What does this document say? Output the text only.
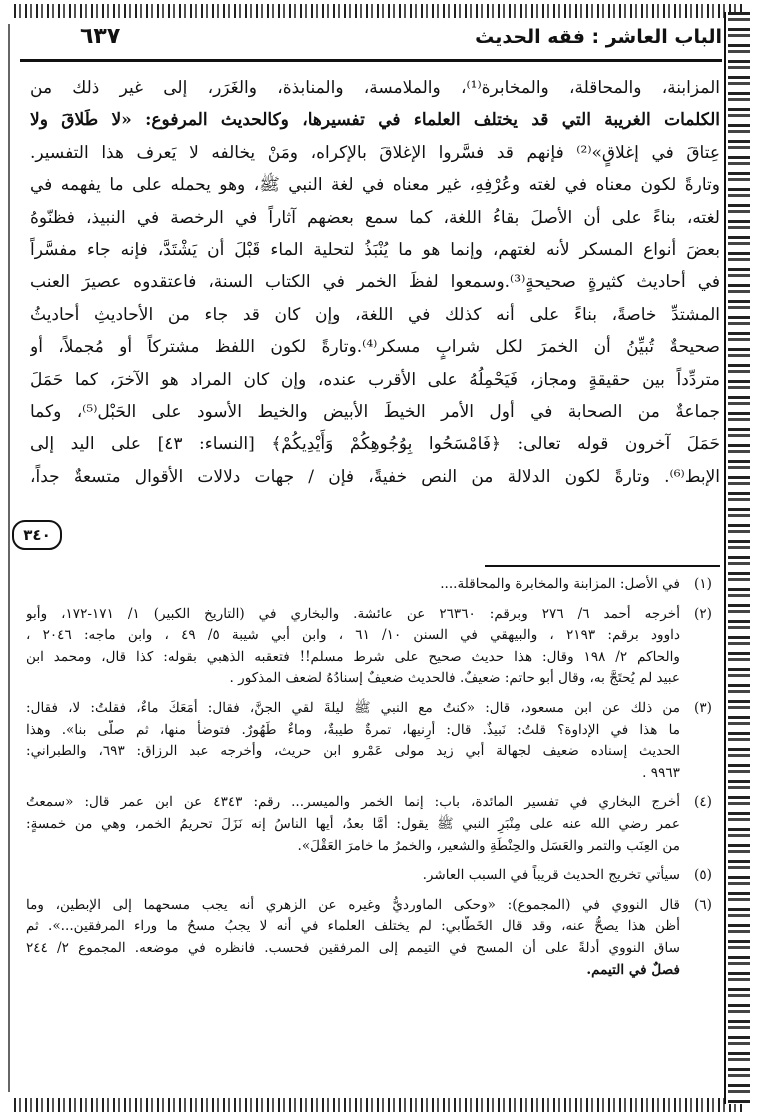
الباب العاشر : فقه الحديث
٦٣٧
المزابنة، والمحاقلة، والمخابرة⁽¹⁾، والملامسة، والمنابذة، والغَرَر، إلى غير ذلك من
الكلمات الغريبة التي قد يختلف العلماء في تفسيرها، وكالحديث المرفوع: «لا طَلاقَ ولا
عِتاقَ في إغلاقٍ»⁽²⁾ فإنهم قد فسَّروا الإغلاقَ بالإكراه، ومَنْ يخالفه لا يَعرف هذا التفسير.
وتارةً لكون معناه في لغته وعُرْفِهِ، غير معناه في لغة النبي ﷺ، وهو يحمله على ما يفهمه في
لغته، بناءً على أن الأصلَ بقاءُ اللغة، كما سمع بعضهم آثاراً في الرخصة في النبيذ، فظنّوهُ
بعضَ أنواع المسكر لأنه لغتهم، وإنما هو ما يُنْبَذُ لتحلية الماء قَبْلَ أن يَشْتَدَّ، فإنه جاء مفسَّراً
في أحاديث كثيرةٍ صحيحةٍ⁽³⁾.وسمعوا لفظَ الخمر في الكتاب السنة، فاعتقدوه عصيرَ العنب
المشتدِّ خاصةً، بناءً على أنه كذلك في اللغة، وإن كان قد جاء من الأحاديثِ أحاديثُ
صحيحةٌ تُبيِّنُ أن الخمرَ لكل شرابٍ مسكر⁽⁴⁾.وتارةً لكون اللفظ مشتركاً أو مُجملاً، أو
متردِّداً بين حقيقةٍ ومجاز، فَيَحْمِلُهُ على الأقرب عنده، وإن كان المراد هو الآخرَ، كما حَمَلَ
جماعةٌ من الصحابة في أول الأمر الخيطَ الأبيض والخيط الأسود على الحَبْل⁽⁵⁾، وكما
حَمَلَ آخرون قوله تعالى: ﴿فَامْسَحُوا بِوُجُوهِكُمْ وَأَيْدِيكُمْ﴾ [النساء: ٤٣] على اليد إلى
الإبط⁽⁶⁾. وتارةً لكون الدلالة من النص خفيةً، فإن / جهات دلالات الأقوال متسعةٌ جداً،
٣٤٠
(١)
في الأصل: المزابنة والمخابرة والمحاقلة....
(٢)
أخرجه أحمد ٦/ ٢٧٦ وبرقم: ٢٦٣٦٠ عن عائشة. والبخاري في (التاريخ الكبير) ١/ ١٧١-١٧٢، وأبو
داوود برقم: ٢١٩٣ ، والبيهقي في السنن ١٠/ ٦١ ، وابن أبي شيبة ٥/ ٤٩ ، وابن ماجه: ٢٠٤٦ ،
والحاكم ٢/ ١٩٨ وقال: هذا حديث صحيح على شرط مسلم!! فتعقبه الذهبي بقوله: كذا قال، ومحمد ابن
عبيد لم يُحتَجَّ به، وقال أبو حاتم: ضعيفٌ. فالحديث ضعيفٌ إسنادُهُ لضعف المذكور .
(٣)
من ذلك عن ابن مسعود، قال: «كنتُ مع النبي ﷺ ليلةَ لقي الجنَّ، فقال: أمَعَكَ ماءٌ، فقلتُ: لا، فقال:
ما هذا في الإداوة؟ قلتُ: نَبيذٌ. قال: أرِنيها، تمرةٌ طيبةٌ، وماءٌ طَهُورٌ. فتوضأ منها، ثم صلّى بنا». وهذا
الحديث إسناده ضعيف لجهالة أبي زيد مولى عَمْرو ابن حريث، وأخرجه عبد الرزاق: ٦٩٣، والطبراني:
٩٩٦٣ .
(٤)
أخرج البخاري في تفسير المائدة، باب: إنما الخمر والميسر... رقم: ٤٣٤٣ عن ابن عمر قال: «سمعتُ
عمر رضي الله عنه على مِنْبَرِ النبي ﷺ يقول: أمَّا بعدُ، أيها الناسُ إنه نَزَلَ تحريمُ الخمر، وهي من خمسةٍ:
من العِنَب والتمر والعَسَل والحِنْطَةِ والشعير، والخمرُ ما خامرَ العَقْلَ».
(٥)
سيأتي تخريج الحديث قريباً في السبب العاشر.
(٦)
قال النووي في (المجموع): «وحكى الماورديُّ وغيره عن الزهري أنه يجب مسحهما إلى الإبطين، وما
أظن هذا يصحُّ عنه، وقد قال الخَطّابي: لم يختلف العلماء في أنه لا يجبُ مسحُ ما وراء المرفقين...». ثم
ساق النووي أدلةً على أن المسح في التيمم إلى المرفقين فحسب. فانظره في موضعه. المجموع ٢/ ٢٤٤
فصلٌ في التيمم.
